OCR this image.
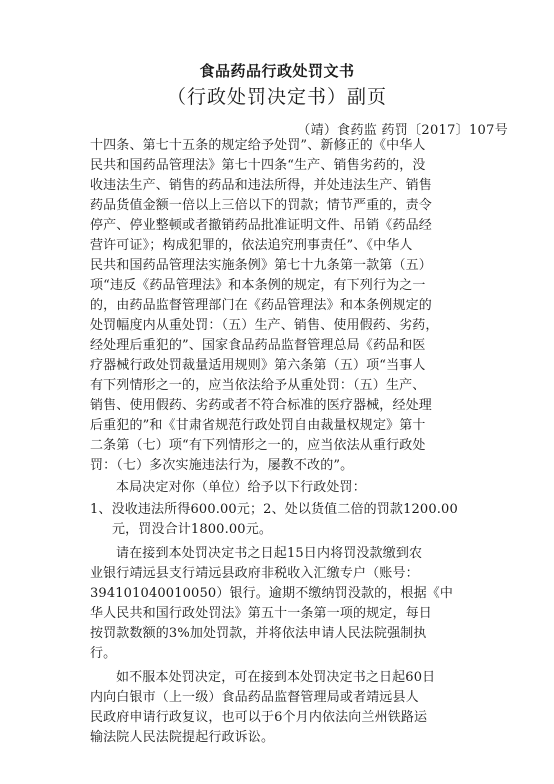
食品药品行政处罚文书
（行政处罚决定书）副页
（靖）食药监 药罚〔2017〕107号
十四条、第七十五条的规定给予处罚”、新修正的《中华人
民共和国药品管理法》第七十四条“生产、销售劣药的，没
收违法生产、销售的药品和违法所得，并处违法生产、销售
药品货值金额一倍以上三倍以下的罚款；情节严重的，责令
停产、停业整顿或者撤销药品批准证明文件、吊销《药品经
营许可证》；构成犯罪的，依法追究刑事责任”、《中华人
民共和国药品管理法实施条例》第七十九条第一款第（五）
项“违反《药品管理法》和本条例的规定，有下列行为之一
的，由药品监督管理部门在《药品管理法》和本条例规定的
处罚幅度内从重处罚：（五）生产、销售、使用假药、劣药，
经处理后重犯的”、国家食品药品监督管理总局《药品和医
疗器械行政处罚裁量适用规则》第六条第（五）项“当事人
有下列情形之一的，应当依法给予从重处罚：（五）生产、
销售、使用假药、劣药或者不符合标准的医疗器械，经处理
后重犯的”和《甘肃省规范行政处罚自由裁量权规定》第十
二条第（七）项“有下列情形之一的，应当依法从重行政处
罚：（七）多次实施违法行为，屡教不改的”。
本局决定对你（单位）给予以下行政处罚：
1、没收违法所得600.00元；2、处以货值二倍的罚款1200.00
元，罚没合计1800.00元。
请在接到本处罚决定书之日起15日内将罚没款缴到农
业银行靖远县支行靖远县政府非税收入汇缴专户（账号：
394101040010050）银行。逾期不缴纳罚没款的，根据《中
华人民共和国行政处罚法》第五十一条第一项的规定，每日
按罚款数额的3%加处罚款，并将依法申请人民法院强制执
行。
如不服本处罚决定，可在接到本处罚决定书之日起60日
内向白银市（上一级）食品药品监督管理局或者靖远县人
民政府申请行政复议，也可以于6个月内依法向兰州铁路运
输法院人民法院提起行政诉讼。
